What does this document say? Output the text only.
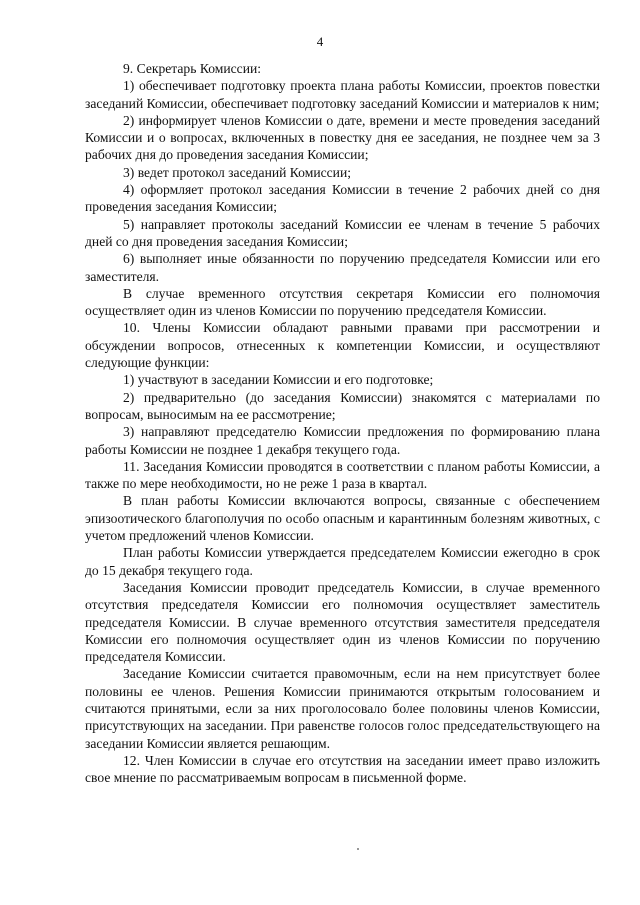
4

9. Секретарь Комиссии:

1) обеспечивает подготовку проекта плана работы Комиссии, проектов повестки заседаний Комиссии, обеспечивает подготовку заседаний Комиссии и материалов к ним;

2) информирует членов Комиссии о дате, времени и месте проведения заседаний Комиссии и о вопросах, включенных в повестку дня ее заседания, не позднее чем за 3 рабочих дня до проведения заседания Комиссии;

3) ведет протокол заседаний Комиссии;

4) оформляет протокол заседания Комиссии в течение 2 рабочих дней со дня проведения заседания Комиссии;

5) направляет протоколы заседаний Комиссии ее членам в течение 5 рабочих дней со дня проведения заседания Комиссии;

6) выполняет иные обязанности по поручению председателя Комиссии или его заместителя.

В случае временного отсутствия секретаря Комиссии его полномочия осуществляет один из членов Комиссии по поручению председателя Комиссии.

10. Члены Комиссии обладают равными правами при рассмотрении и обсуждении вопросов, отнесенных к компетенции Комиссии, и осуществляют следующие функции:

1) участвуют в заседании Комиссии и его подготовке;

2) предварительно (до заседания Комиссии) знакомятся с материалами по вопросам, выносимым на ее рассмотрение;

3) направляют председателю Комиссии предложения по формированию плана работы Комиссии не позднее 1 декабря текущего года.

11. Заседания Комиссии проводятся в соответствии с планом работы Комиссии, а также по мере необходимости, но не реже 1 раза в квартал.

В план работы Комиссии включаются вопросы, связанные с обеспечением эпизоотического благополучия по особо опасным и карантинным болезням животных, с учетом предложений членов Комиссии.

План работы Комиссии утверждается председателем Комиссии ежегодно в срок до 15 декабря текущего года.

Заседания Комиссии проводит председатель Комиссии, в случае временного отсутствия председателя Комиссии его полномочия осуществляет заместитель председателя Комиссии. В случае временного отсутствия заместителя председателя Комиссии его полномочия осуществляет один из членов Комиссии по поручению председателя Комиссии.

Заседание Комиссии считается правомочным, если на нем присутствует более половины ее членов. Решения Комиссии принимаются открытым голосованием и считаются принятыми, если за них проголосовало более половины членов Комиссии, присутствующих на заседании. При равенстве голосов голос председательствующего на заседании Комиссии является решающим.

12. Член Комиссии в случае его отсутствия на заседании имеет право изложить свое мнение по рассматриваемым вопросам в письменной форме.
